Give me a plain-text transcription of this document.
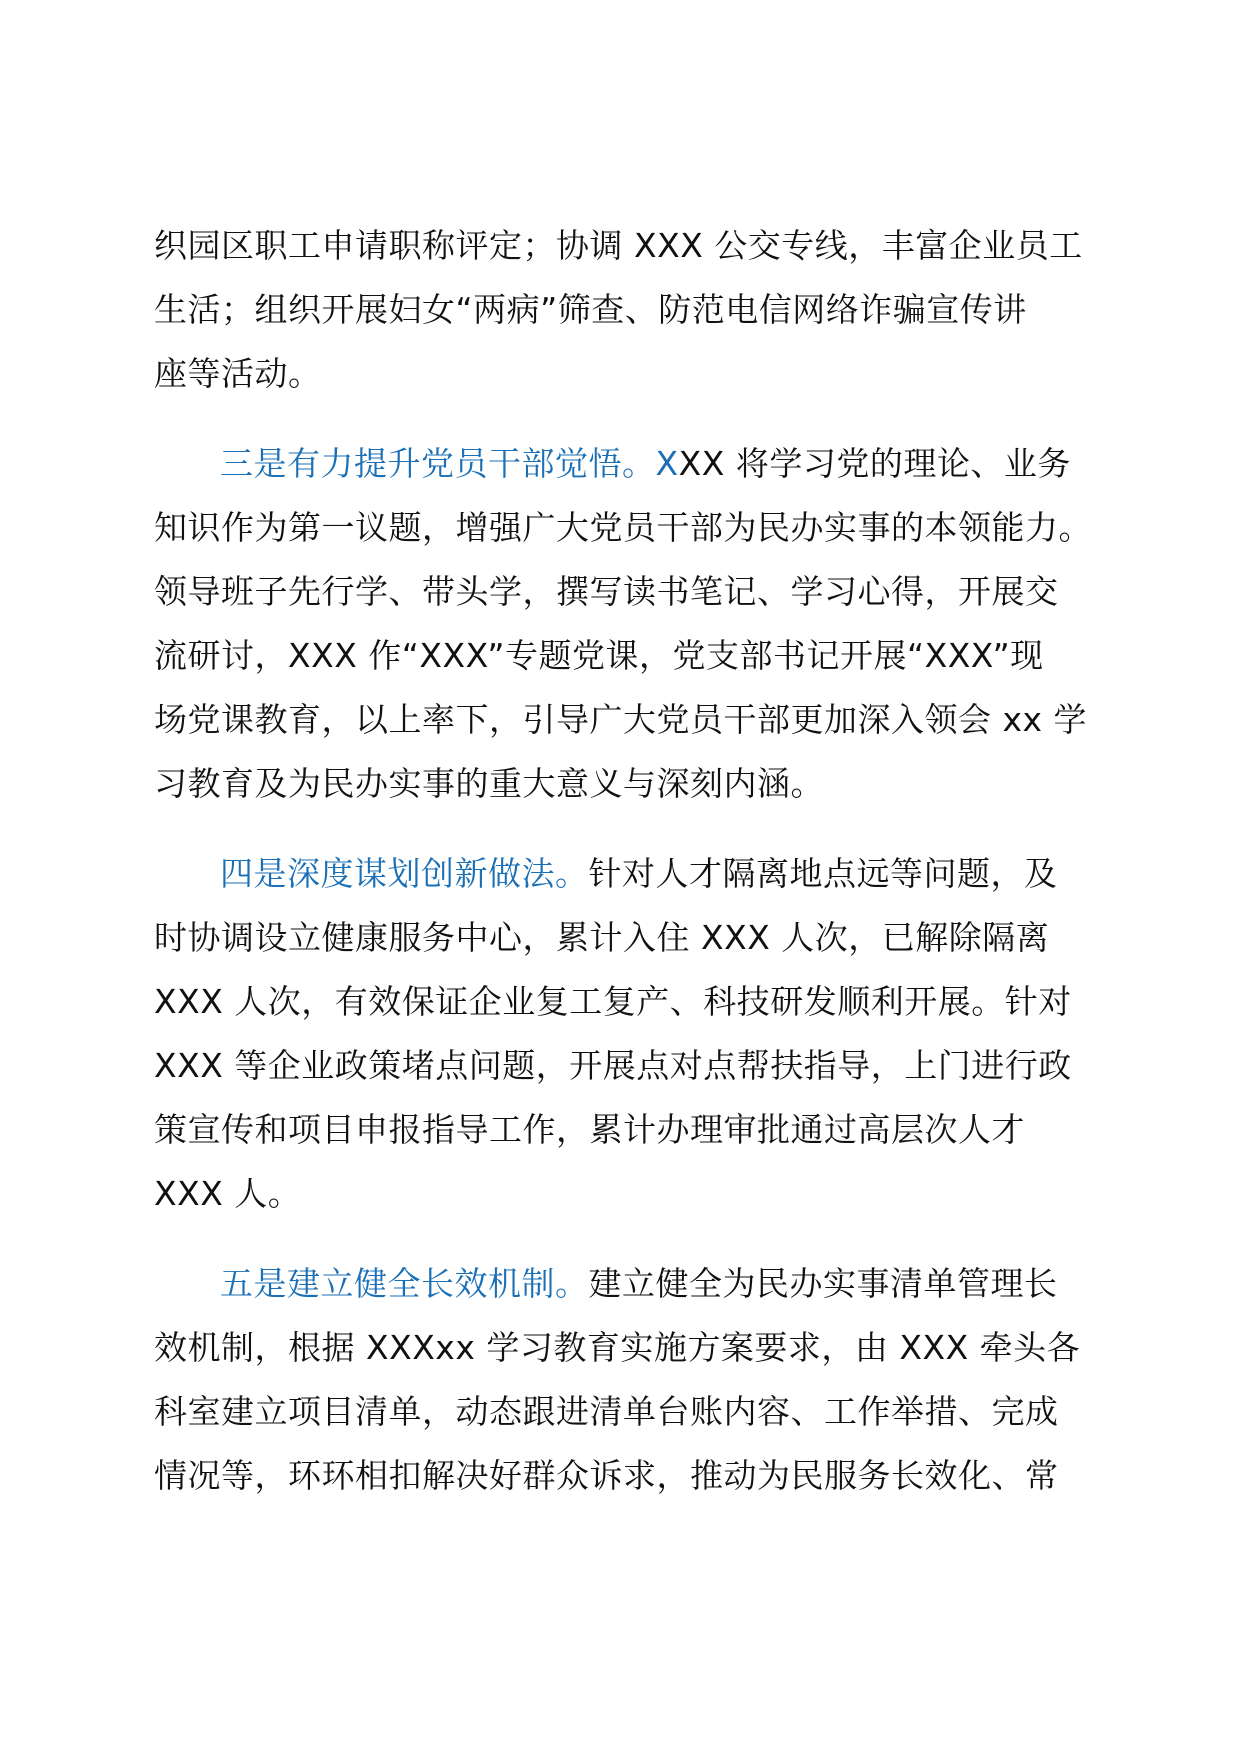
织园区职工申请职称评定；协调 XXX 公交专线，丰富企业员工
生活；组织开展妇女“两病”筛查、防范电信网络诈骗宣传讲
座等活动。
三是有力提升党员干部觉悟。XXX 将学习党的理论、业务
知识作为第一议题，增强广大党员干部为民办实事的本领能力。
领导班子先行学、带头学，撰写读书笔记、学习心得，开展交
流研讨，XXX 作“XXX”专题党课，党支部书记开展“XXX”现
场党课教育，以上率下，引导广大党员干部更加深入领会 xx 学
习教育及为民办实事的重大意义与深刻内涵。
四是深度谋划创新做法。针对人才隔离地点远等问题，及
时协调设立健康服务中心，累计入住 XXX 人次，已解除隔离
XXX 人次，有效保证企业复工复产、科技研发顺利开展。针对
XXX 等企业政策堵点问题，开展点对点帮扶指导，上门进行政
策宣传和项目申报指导工作，累计办理审批通过高层次人才
XXX 人。
五是建立健全长效机制。建立健全为民办实事清单管理长
效机制，根据 XXXxx 学习教育实施方案要求，由 XXX 牵头各
科室建立项目清单，动态跟进清单台账内容、工作举措、完成
情况等，环环相扣解决好群众诉求，推动为民服务长效化、常
